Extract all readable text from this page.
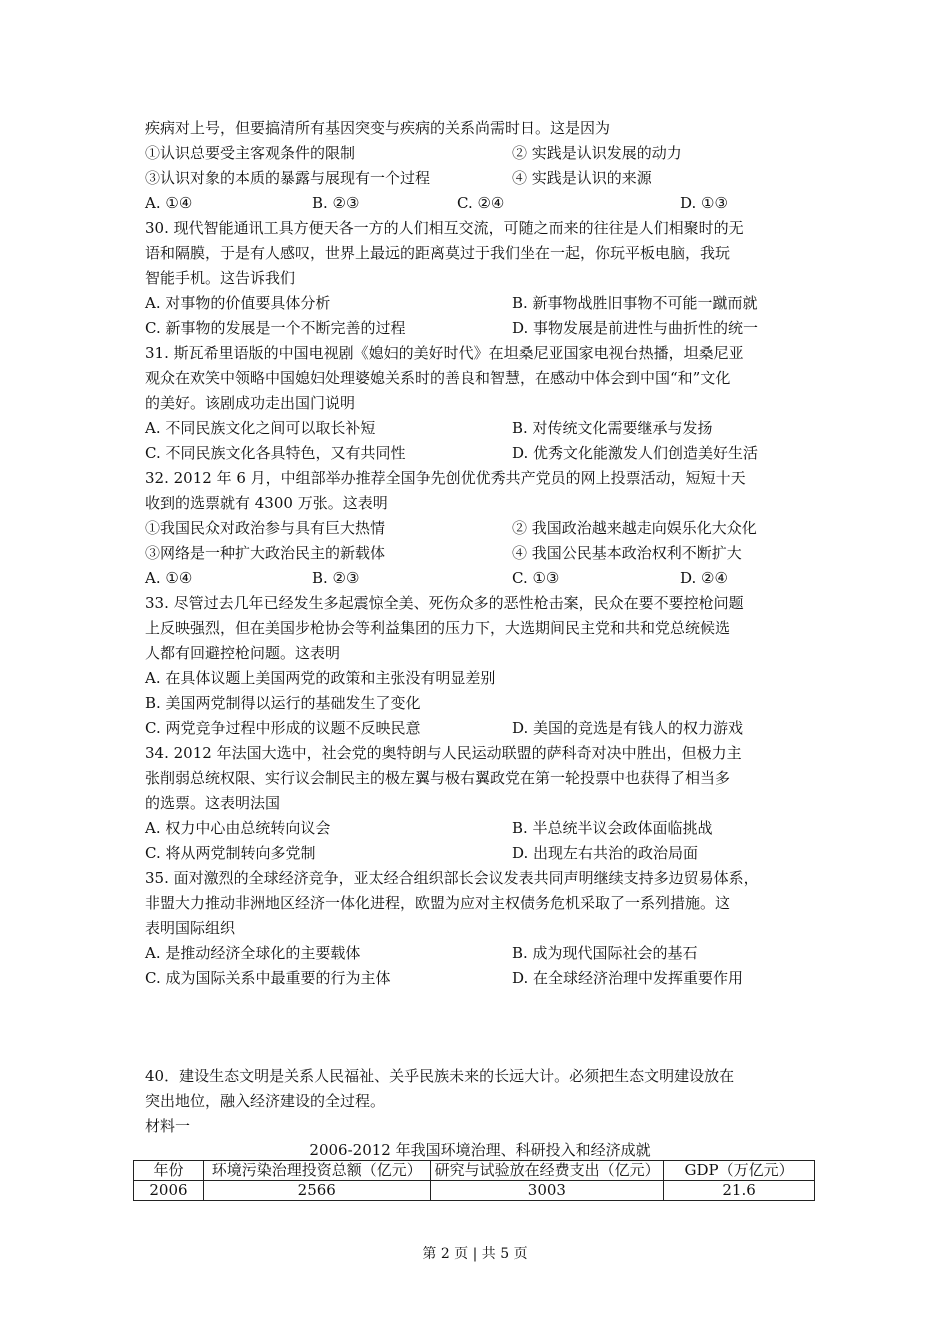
疾病对上号，但要搞清所有基因突变与疾病的关系尚需时日。这是因为
①认识总要受主客观条件的限制	② 实践是认识发展的动力
③认识对象的本质的暴露与展现有一个过程	④ 实践是认识的来源
A. ①④	B. ②③	C. ②④	D. ①③
30. 现代智能通讯工具方便天各一方的人们相互交流，可随之而来的往往是人们相聚时的无
语和隔膜，于是有人感叹，世界上最远的距离莫过于我们坐在一起，你玩平板电脑，我玩
智能手机。这告诉我们
A. 对事物的价值要具体分析	B. 新事物战胜旧事物不可能一蹴而就
C. 新事物的发展是一个不断完善的过程	D. 事物发展是前进性与曲折性的统一
31. 斯瓦希里语版的中国电视剧《媳妇的美好时代》在坦桑尼亚国家电视台热播，坦桑尼亚
观众在欢笑中领略中国媳妇处理婆媳关系时的善良和智慧，在感动中体会到中国“和”文化
的美好。该剧成功走出国门说明
A. 不同民族文化之间可以取长补短	B. 对传统文化需要继承与发扬
C. 不同民族文化各具特色，又有共同性	D. 优秀文化能激发人们创造美好生活
32. 2012 年 6 月，中组部举办推荐全国争先创优优秀共产党员的网上投票活动，短短十天
收到的选票就有 4300 万张。这表明
①我国民众对政治参与具有巨大热情	② 我国政治越来越走向娱乐化大众化
③网络是一种扩大政治民主的新载体	④ 我国公民基本政治权利不断扩大
A. ①④	B. ②③	C. ①③	D. ②④
33. 尽管过去几年已经发生多起震惊全美、死伤众多的恶性枪击案，民众在要不要控枪问题
上反映强烈，但在美国步枪协会等利益集团的压力下，大选期间民主党和共和党总统候选
人都有回避控枪问题。这表明
A. 在具体议题上美国两党的政策和主张没有明显差别
B. 美国两党制得以运行的基础发生了变化
C. 两党竞争过程中形成的议题不反映民意	D. 美国的竞选是有钱人的权力游戏
34. 2012 年法国大选中，社会党的奥特朗与人民运动联盟的萨科奇对决中胜出，但极力主
张削弱总统权限、实行议会制民主的极左翼与极右翼政党在第一轮投票中也获得了相当多
的选票。这表明法国
A. 权力中心由总统转向议会	B. 半总统半议会政体面临挑战
C. 将从两党制转向多党制	D. 出现左右共治的政治局面
35. 面对激烈的全球经济竞争，亚太经合组织部长会议发表共同声明继续支持多边贸易体系，
非盟大力推动非洲地区经济一体化进程，欧盟为应对主权债务危机采取了一系列措施。这
表明国际组织
A. 是推动经济全球化的主要载体	B. 成为现代国际社会的基石
C. 成为国际关系中最重要的行为主体	D. 在全球经济治理中发挥重要作用
40．建设生态文明是关系人民福祉、关乎民族未来的长远大计。必须把生态文明建设放在
突出地位，融入经济建设的全过程。
材料一
2006-2012 年我国环境治理、科研投入和经济成就
年份	环境污染治理投资总额（亿元）	研究与试验放在经费支出（亿元）	GDP（万亿元）
2006	2566	3003	21.6
第 2 页 | 共 5 页
